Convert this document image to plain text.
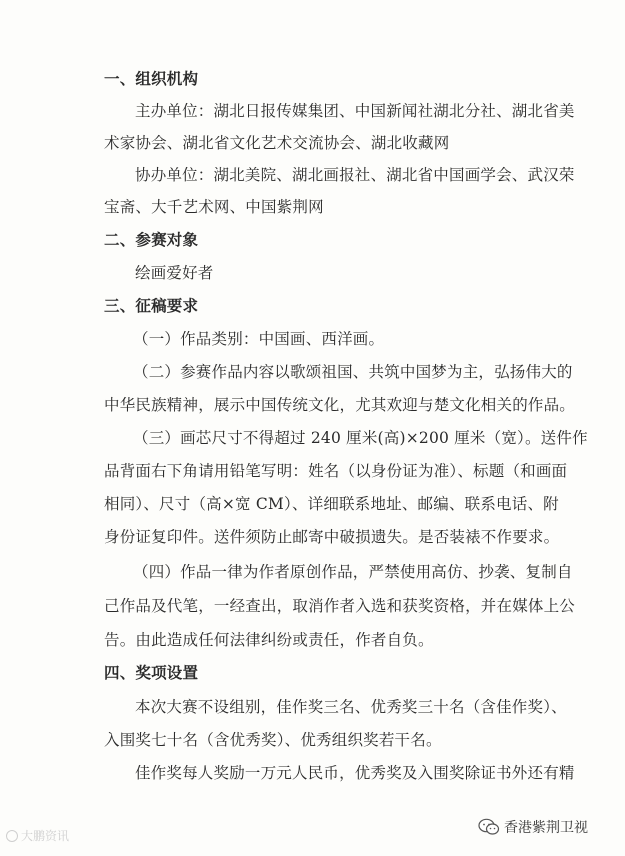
一、组织机构
主办单位：湖北日报传媒集团、中国新闻社湖北分社、湖北省美
术家协会、湖北省文化艺术交流协会、湖北收藏网
协办单位：湖北美院、湖北画报社、湖北省中国画学会、武汉荣
宝斋、大千艺术网、中国紫荆网
二、参赛对象
绘画爱好者
三、征稿要求
（一）作品类别：中国画、西洋画。
（二）参赛作品内容以歌颂祖国、共筑中国梦为主，弘扬伟大的
中华民族精神，展示中国传统文化，尤其欢迎与楚文化相关的作品。
（三）画芯尺寸不得超过 240 厘米(高)×200 厘米（宽）。送件作
品背面右下角请用铅笔写明：姓名（以身份证为准）、标题（和画面
相同）、尺寸（高×宽 CM）、详细联系地址、邮编、联系电话、附
身份证复印件。送件须防止邮寄中破损遗失。是否装裱不作要求。
（四）作品一律为作者原创作品，严禁使用高仿、抄袭、复制自
己作品及代笔，一经查出，取消作者入选和获奖资格，并在媒体上公
告。由此造成任何法律纠纷或责任，作者自负。
四、奖项设置
本次大赛不设组别，佳作奖三名、优秀奖三十名（含佳作奖）、
入围奖七十名（含优秀奖）、优秀组织奖若干名。
佳作奖每人奖励一万元人民币，优秀奖及入围奖除证书外还有精
大鹏资讯	香港紫荆卫视
